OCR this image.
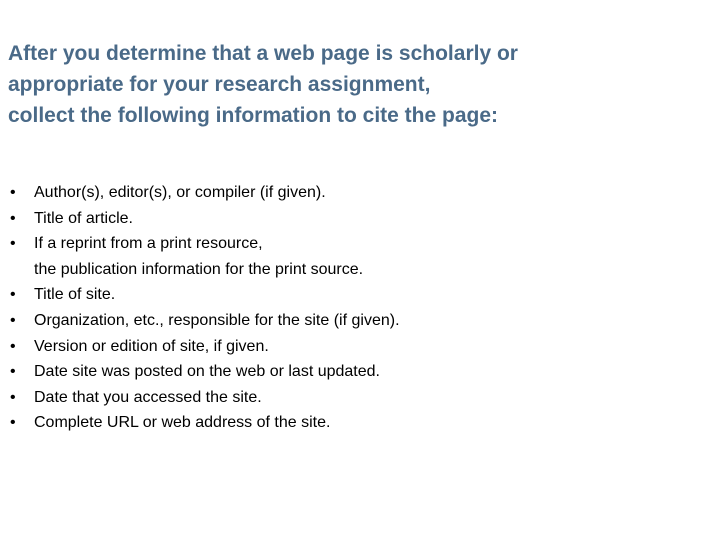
After you determine that a web page is scholarly or
appropriate for your research assignment,
collect the following information to cite the page:
•	Author(s), editor(s), or compiler (if given).
•	Title of article.
•	If a reprint from a print resource,
the publication information for the print source.
•	Title of site.
•	Organization, etc., responsible for the site (if given).
•	Version or edition of site, if given.
•	Date site was posted on the web or last updated.
•	Date that you accessed the site.
•	Complete URL or web address of the site.
